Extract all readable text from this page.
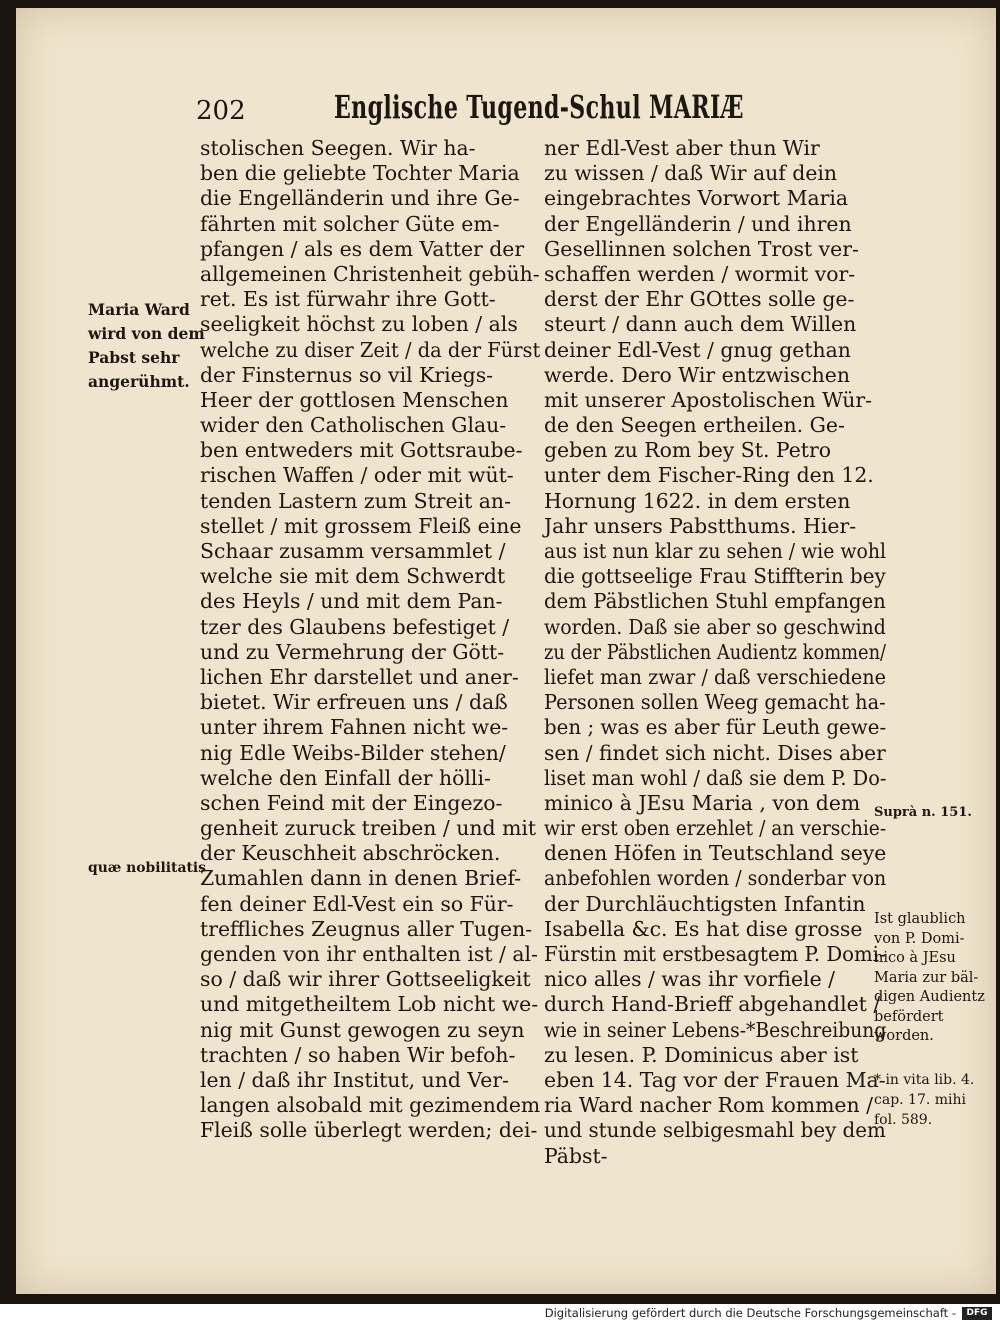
202	Englische Tugend-Schul MARIÆ
stolischen Seegen. Wir ha-
ben die geliebte Tochter Maria
die Engelländerin und ihre Ge-
fährten mit solcher Güte em-
pfangen / als es dem Vatter der
allgemeinen Christenheit gebüh-
ret. Es ist fürwahr ihre Gott-
seeligkeit höchst zu loben / als
welche zu diser Zeit / da der Fürst
der Finsternus so vil Kriegs-
Heer der gottlosen Menschen
wider den Catholischen Glau-
ben entweders mit Gottsraube-
rischen Waffen / oder mit wüt-
tenden Lastern zum Streit an-
stellet / mit grossem Fleiß eine
Schaar zusamm versammlet /
welche sie mit dem Schwerdt
des Heyls / und mit dem Pan-
tzer des Glaubens befestiget /
und zu Vermehrung der Gött-
lichen Ehr darstellet und aner-
bietet. Wir erfreuen uns / daß
unter ihrem Fahnen nicht we-
nig Edle Weibs-Bilder stehen/
welche den Einfall der hölli-
schen Feind mit der Eingezo-
genheit zuruck treiben / und mit
der Keuschheit abschröcken.
Zumahlen dann in denen Brief-
fen deiner Edl-Vest ein so Für-
treffliches Zeugnus aller Tugen-
genden von ihr enthalten ist / al-
so / daß wir ihrer Gottseeligkeit
und mitgetheiltem Lob nicht we-
nig mit Gunst gewogen zu seyn
trachten / so haben Wir befoh-
len / daß ihr Institut, und Ver-
langen alsobald mit gezimendem
Fleiß solle überlegt werden; dei-
ner Edl-Vest aber thun Wir
zu wissen / daß Wir auf dein
eingebrachtes Vorwort Maria
der Engelländerin / und ihren
Gesellinnen solchen Trost ver-
schaffen werden / wormit vor-
derst der Ehr GOttes solle ge-
steurt / dann auch dem Willen
deiner Edl-Vest / gnug gethan
werde. Dero Wir entzwischen
mit unserer Apostolischen Wür-
de den Seegen ertheilen. Ge-
geben zu Rom bey St. Petro
unter dem Fischer-Ring den 12.
Hornung 1622. in dem ersten
Jahr unsers Pabstthums. Hier-
aus ist nun klar zu sehen / wie wohl
die gottseelige Frau Stiffterin bey
dem Päbstlichen Stuhl empfangen
worden. Daß sie aber so geschwind
zu der Päbstlichen Audientz kommen/
liefet man zwar / daß verschiedene
Personen sollen Weeg gemacht ha-
ben ; was es aber für Leuth gewe-
sen / findet sich nicht. Dises aber
liset man wohl / daß sie dem P. Do-
minico à JEsu Maria , von dem
wir erst oben erzehlet / an verschie-
denen Höfen in Teutschland seye
anbefohlen worden / sonderbar von
der Durchläuchtigsten Infantin
Isabella &c. Es hat dise grosse
Fürstin mit erstbesagtem P. Domi-
nico alles / was ihr vorfiele /
durch Hand-Brieff abgehandlet /
wie in seiner Lebens-*Beschreibung
zu lesen. P. Dominicus aber ist
eben 14. Tag vor der Frauen Ma-
ria Ward nacher Rom kommen /
und stunde selbigesmahl bey dem
Päbst-
Maria Ward
wird von dem
Pabst sehr
angerühmt.
quæ nobilitatis
Suprà n. 151.
Ist glaublich
von P. Domi-
nico à JEsu
Maria zur bäl-
digen Audientz
befördert
worden.
* in vita lib. 4.
cap. 17. mihi
fol. 589.
Digitalisierung gefördert durch die Deutsche Forschungsgemeinschaft -	DFG
